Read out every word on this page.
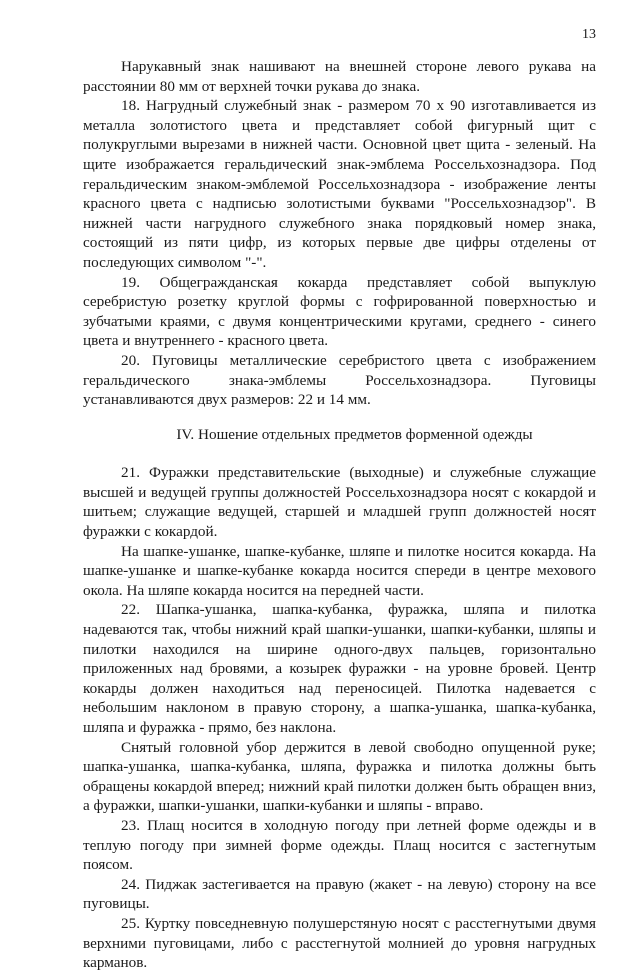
13

Нарукавный знак нашивают на внешней стороне левого рукава на расстоянии 80 мм от верхней точки рукава до знака.

18. Нагрудный служебный знак - размером 70 х 90 изготавливается из металла золотистого цвета и представляет собой фигурный щит с полукруглыми вырезами в нижней части. Основной цвет щита - зеленый. На щите изображается геральдический знак-эмблема Россельхознадзора. Под геральдическим знаком-эмблемой Россельхознадзора - изображение ленты красного цвета с надписью золотистыми буквами "Россельхознадзор". В нижней части нагрудного служебного знака порядковый номер знака, состоящий из пяти цифр, из которых первые две цифры отделены от последующих символом "-".

19. Общегражданская кокарда представляет собой выпуклую серебристую розетку круглой формы с гофрированной поверхностью и зубчатыми краями, с двумя концентрическими кругами, среднего - синего цвета и внутреннего - красного цвета.

20. Пуговицы металлические серебристого цвета с изображением геральдического знака-эмблемы Россельхознадзора. Пуговицы устанавливаются двух размеров: 22 и 14 мм.

IV. Ношение отдельных предметов форменной одежды

21. Фуражки представительские (выходные) и служебные служащие высшей и ведущей группы должностей Россельхознадзора носят с кокардой и шитьем; служащие ведущей, старшей и младшей групп должностей носят фуражки с кокардой.

На шапке-ушанке, шапке-кубанке, шляпе и пилотке носится кокарда. На шапке-ушанке и шапке-кубанке кокарда носится спереди в центре мехового окола. На шляпе кокарда носится на передней части.

22. Шапка-ушанка, шапка-кубанка, фуражка, шляпа и пилотка надеваются так, чтобы нижний край шапки-ушанки, шапки-кубанки, шляпы и пилотки находился на ширине одного-двух пальцев, горизонтально приложенных над бровями, а козырек фуражки - на уровне бровей. Центр кокарды должен находиться над переносицей. Пилотка надевается с небольшим наклоном в правую сторону, а шапка-ушанка, шапка-кубанка, шляпа и фуражка - прямо, без наклона.

Снятый головной убор держится в левой свободно опущенной руке; шапка-ушанка, шапка-кубанка, шляпа, фуражка и пилотка должны быть обращены кокардой вперед; нижний край пилотки должен быть обращен вниз, а фуражки, шапки-ушанки, шапки-кубанки и шляпы - вправо.

23. Плащ носится в холодную погоду при летней форме одежды и в теплую погоду при зимней форме одежды. Плащ носится с застегнутым поясом.

24. Пиджак застегивается на правую (жакет - на левую) сторону на все пуговицы.

25. Куртку повседневную полушерстяную носят с расстегнутыми двумя верхними пуговицами, либо с расстегнутой молнией до уровня нагрудных карманов.
